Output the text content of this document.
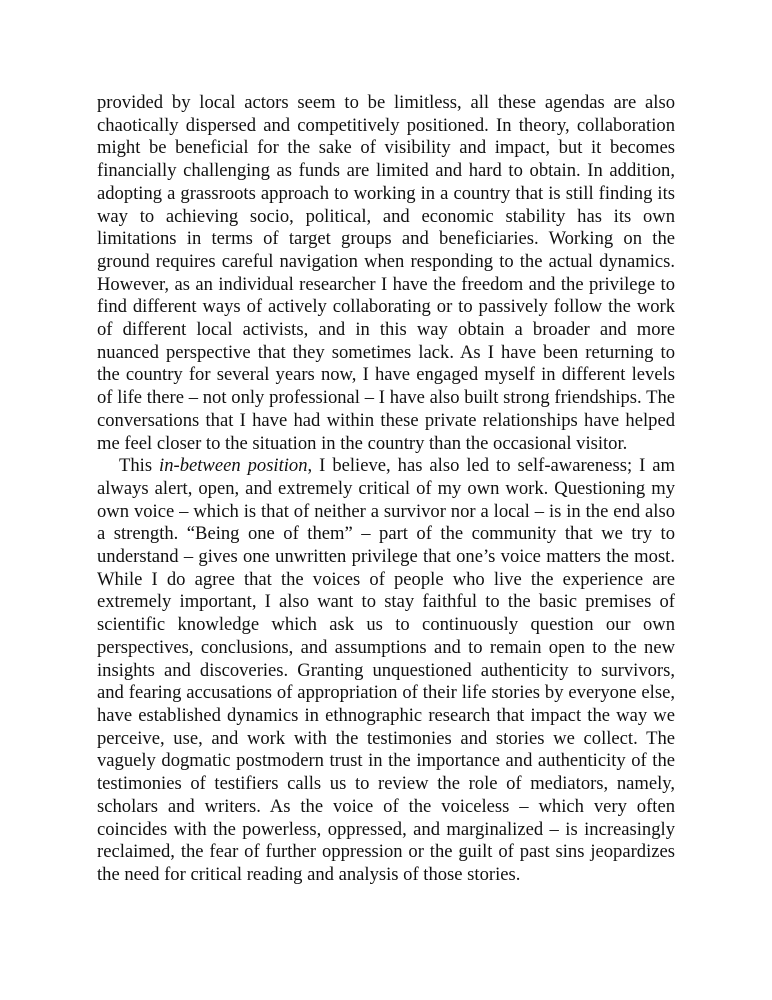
provided by local actors seem to be limitless, all these agendas are also chaotically dispersed and competitively positioned. In theory, collaboration might be beneficial for the sake of visibility and impact, but it becomes financially challenging as funds are limited and hard to obtain. In addition, adopting a grassroots approach to working in a country that is still finding its way to achieving socio, political, and economic stability has its own limitations in terms of target groups and beneficiaries. Working on the ground requires careful navigation when responding to the actual dynamics. However, as an individual researcher I have the freedom and the privilege to find different ways of actively collaborating or to passively follow the work of different local activists, and in this way obtain a broader and more nuanced perspective that they sometimes lack. As I have been returning to the country for several years now, I have engaged myself in different levels of life there – not only professional – I have also built strong friendships. The conversations that I have had within these private relationships have helped me feel closer to the situation in the country than the occasional visitor.

This in-between position, I believe, has also led to self-awareness; I am always alert, open, and extremely critical of my own work. Questioning my own voice – which is that of neither a survivor nor a local – is in the end also a strength. “Being one of them” – part of the community that we try to understand – gives one unwritten privilege that one’s voice matters the most. While I do agree that the voices of people who live the experience are extremely important, I also want to stay faithful to the basic premises of scientific knowledge which ask us to continuously question our own perspectives, conclusions, and assumptions and to remain open to the new insights and discoveries. Granting unquestioned authenticity to survivors, and fearing accusations of appropriation of their life stories by everyone else, have established dynamics in ethnographic research that impact the way we perceive, use, and work with the testimonies and stories we collect. The vaguely dogmatic postmodern trust in the importance and authenticity of the testimonies of testifiers calls us to review the role of mediators, namely, scholars and writers. As the voice of the voiceless – which very often coincides with the powerless, oppressed, and marginalized – is increasingly reclaimed, the fear of further oppression or the guilt of past sins jeopardizes the need for critical reading and analysis of those stories.
